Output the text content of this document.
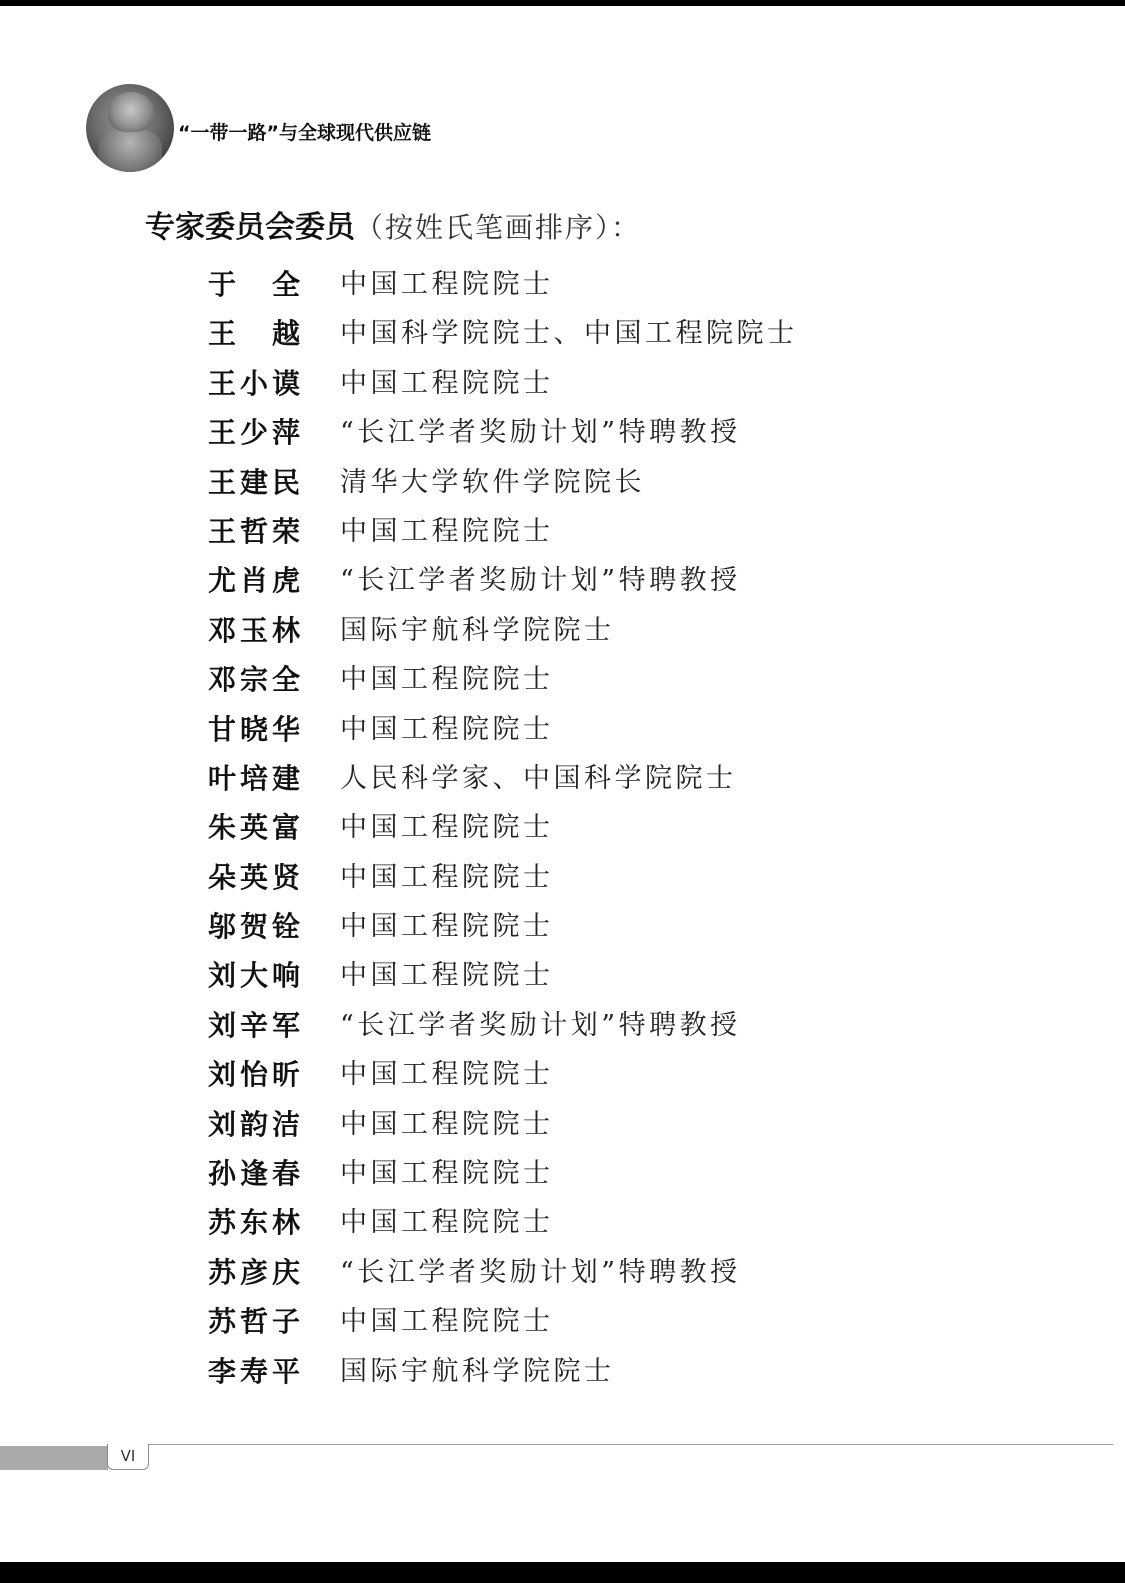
“一带一路”与全球现代供应链
专家委员会委员（按姓氏笔画排序）：
于　全 中国工程院院士
王　越 中国科学院院士、中国工程院院士
王小谟 中国工程院院士
王少萍 “长江学者奖励计划”特聘教授
王建民 清华大学软件学院院长
王哲荣 中国工程院院士
尤肖虎 “长江学者奖励计划”特聘教授
邓玉林 国际宇航科学院院士
邓宗全 中国工程院院士
甘晓华 中国工程院院士
叶培建 人民科学家、中国科学院院士
朱英富 中国工程院院士
朵英贤 中国工程院院士
邬贺铨 中国工程院院士
刘大响 中国工程院院士
刘辛军 “长江学者奖励计划”特聘教授
刘怡昕 中国工程院院士
刘韵洁 中国工程院院士
孙逢春 中国工程院院士
苏东林 中国工程院院士
苏彦庆 “长江学者奖励计划”特聘教授
苏哲子 中国工程院院士
李寿平 国际宇航科学院院士
VI
